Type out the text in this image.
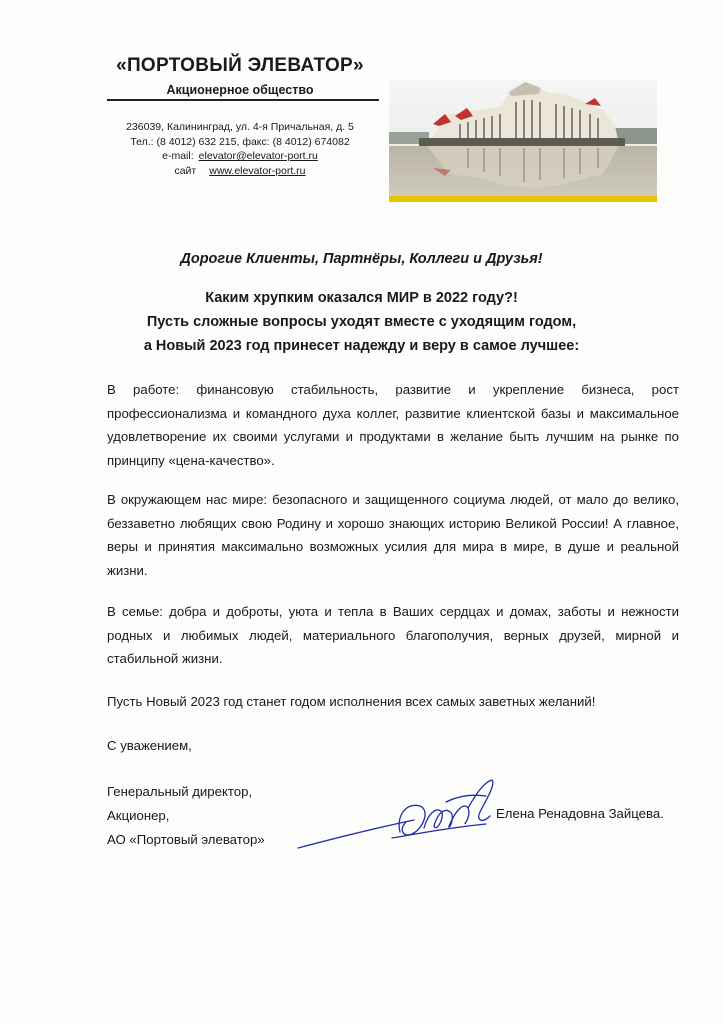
«ПОРТОВЫЙ ЭЛЕВАТОР»
Акционерное общество
236039, Калининград, ул. 4-я Причальная, д. 5
Тел.: (8 4012) 632 215, факс: (8 4012) 674082
e-mail: elevator@elevator-port.ru
сайт www.elevator-port.ru
Дорогие Клиенты, Партнёры, Коллеги и Друзья!
Каким хрупким оказался МИР в 2022 году?!
Пусть сложные вопросы уходят вместе с уходящим годом,
а Новый 2023 год принесет надежду и веру в самое лучшее:
В работе: финансовую стабильность, развитие и укрепление бизнеса, рост профессионализма и командного духа коллег, развитие клиентской базы и максимальное удовлетворение их своими услугами и продуктами в желание быть лучшим на рынке по принципу «цена-качество».
В окружающем нас мире: безопасного и защищенного социума людей, от мало до велико, беззаветно любящих свою Родину и хорошо знающих историю Великой России! А главное, веры и принятия максимально возможных усилия для мира в мире, в душе и реальной жизни.
В семье: добра и доброты, уюта и тепла в Ваших сердцах и домах, заботы и нежности родных и любимых людей, материального благополучия, верных друзей, мирной и стабильной жизни.
Пусть Новый 2023 год станет годом исполнения всех самых заветных желаний!
С уважением,
Генеральный директор,
Акционер,
АО «Портовый элеватор»
Елена Ренадовна Зайцева.
